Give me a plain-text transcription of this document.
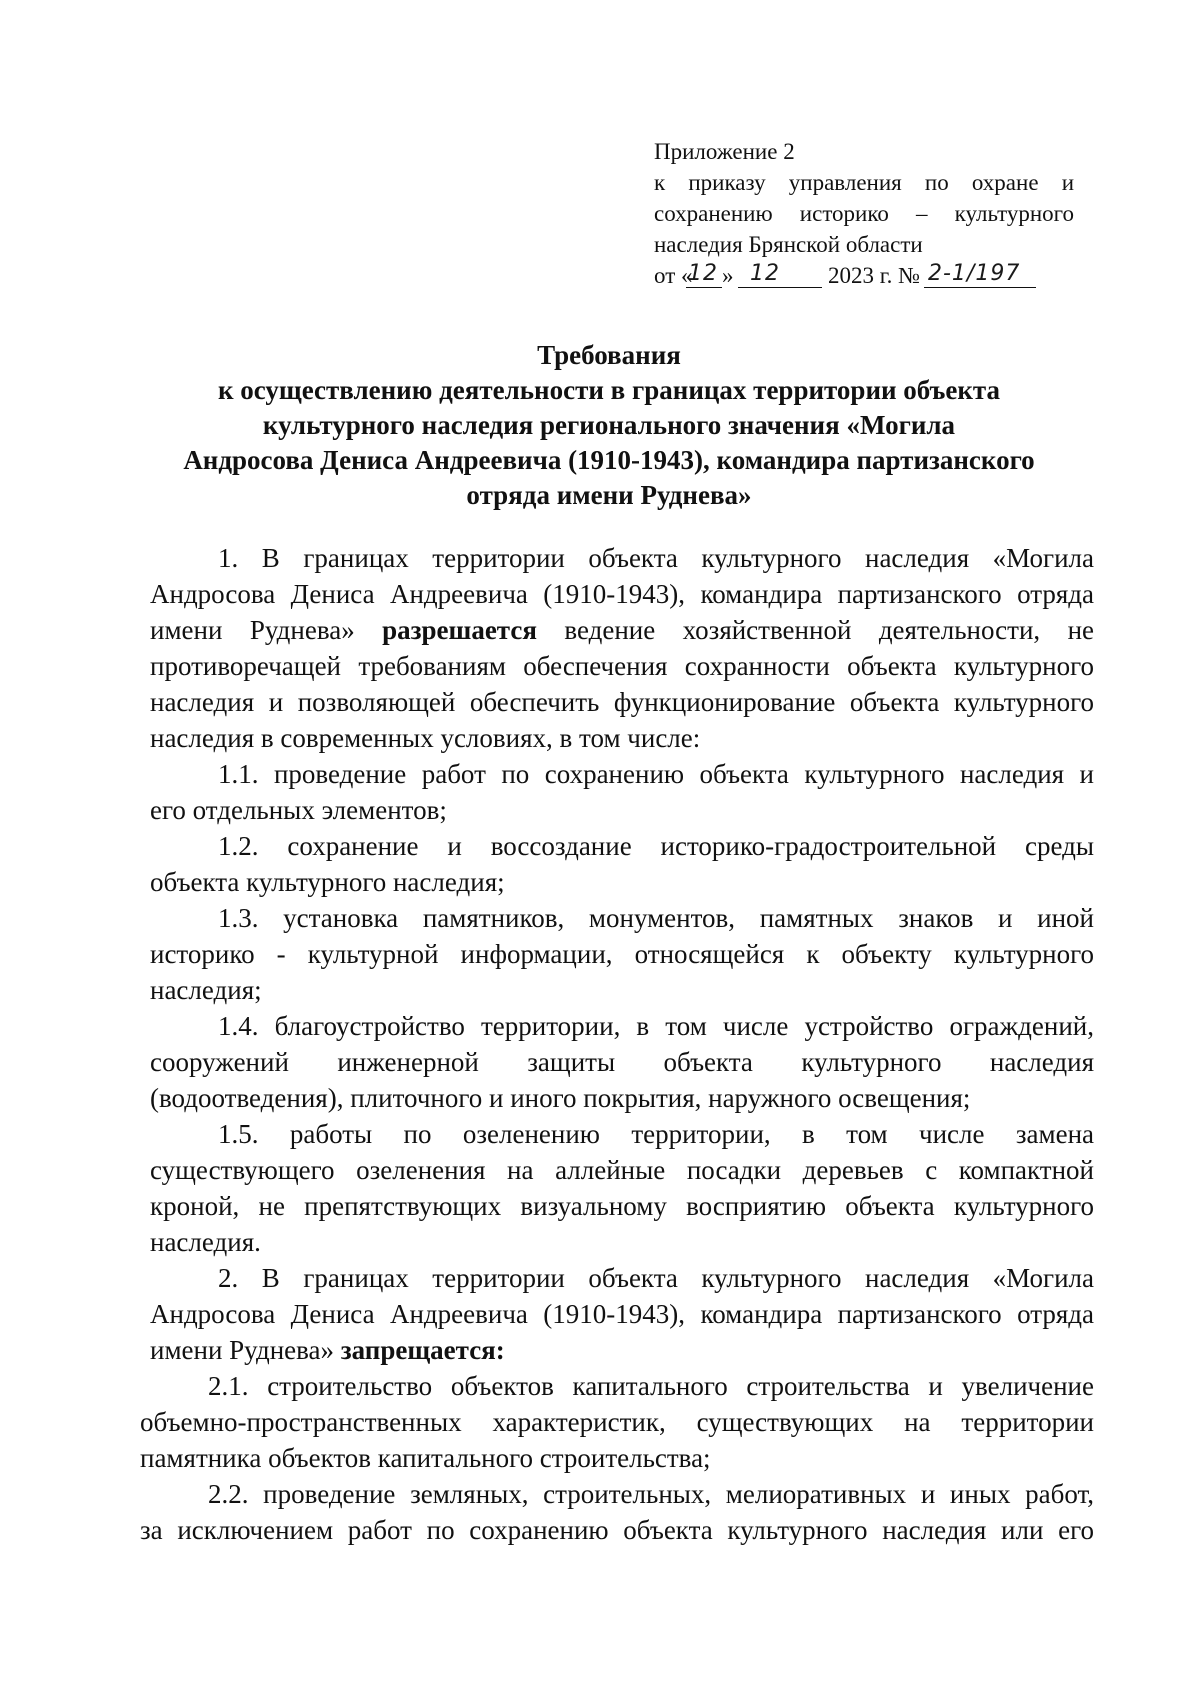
Приложение 2
к приказу управления по охране и
сохранению историко – культурного
наследия Брянской области
от «
12 » 12 2023 г. № 2-1/197
Требования
к осуществлению деятельности в границах территории объекта
культурного наследия регионального значения «Могила
Андросова Дениса Андреевича (1910-1943), командира партизанского
отряда имени Руднева»
1. В границах территории объекта культурного наследия «Могила
Андросова Дениса Андреевича (1910-1943), командира партизанского отряда
имени Руднева» разрешается ведение хозяйственной деятельности, не
противоречащей требованиям обеспечения сохранности объекта культурного
наследия и позволяющей обеспечить функционирование объекта культурного
наследия в современных условиях, в том числе:
1.1. проведение работ по сохранению объекта культурного наследия и
его отдельных элементов;
1.2. сохранение и воссоздание историко-градостроительной среды
объекта культурного наследия;
1.3. установка памятников, монументов, памятных знаков и иной
историко - культурной информации, относящейся к объекту культурного
наследия;
1.4. благоустройство территории, в том числе устройство ограждений,
сооружений инженерной защиты объекта культурного наследия
(водоотведения), плиточного и иного покрытия, наружного освещения;
1.5. работы по озеленению территории, в том числе замена
существующего озеленения на аллейные посадки деревьев с компактной
кроной, не препятствующих визуальному восприятию объекта культурного
наследия.
2. В границах территории объекта культурного наследия «Могила
Андросова Дениса Андреевича (1910-1943), командира партизанского отряда
имени Руднева» запрещается:
2.1. строительство объектов капитального строительства и увеличение
объемно-пространственных характеристик, существующих на территории
памятника объектов капитального строительства;
2.2. проведение земляных, строительных, мелиоративных и иных работ,
за исключением работ по сохранению объекта культурного наследия или его
